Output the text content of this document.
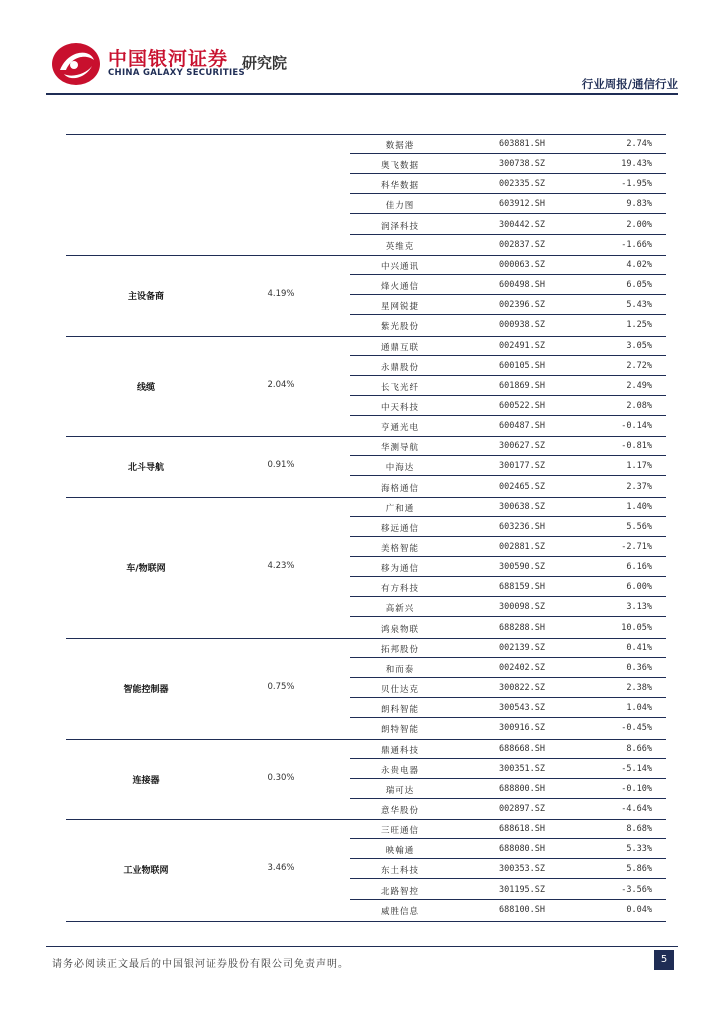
中国银河证券
CHINA GALAXY SECURITIES
研究院
行业周报/通信行业
数据港	603881.SH	2.74%
奥飞数据	300738.SZ	19.43%
科华数据	002335.SZ	-1.95%
佳力图	603912.SH	9.83%
润泽科技	300442.SZ	2.00%
英维克	002837.SZ	-1.66%
主设备商	4.19%
中兴通讯	000063.SZ	4.02%
烽火通信	600498.SH	6.05%
星网锐捷	002396.SZ	5.43%
紫光股份	000938.SZ	1.25%
线缆	2.04%
通鼎互联	002491.SZ	3.05%
永鼎股份	600105.SH	2.72%
长飞光纤	601869.SH	2.49%
中天科技	600522.SH	2.08%
亨通光电	600487.SH	-0.14%
北斗导航	0.91%
华测导航	300627.SZ	-0.81%
中海达	300177.SZ	1.17%
海格通信	002465.SZ	2.37%
车/物联网	4.23%
广和通	300638.SZ	1.40%
移远通信	603236.SH	5.56%
美格智能	002881.SZ	-2.71%
移为通信	300590.SZ	6.16%
有方科技	688159.SH	6.00%
高新兴	300098.SZ	3.13%
鸿泉物联	688288.SH	10.05%
智能控制器	0.75%
拓邦股份	002139.SZ	0.41%
和而泰	002402.SZ	0.36%
贝仕达克	300822.SZ	2.38%
朗科智能	300543.SZ	1.04%
朗特智能	300916.SZ	-0.45%
连接器	0.30%
鼎通科技	688668.SH	8.66%
永贵电器	300351.SZ	-5.14%
瑞可达	688800.SH	-0.10%
意华股份	002897.SZ	-4.64%
工业物联网	3.46%
三旺通信	688618.SH	8.68%
映翰通	688080.SH	5.33%
东土科技	300353.SZ	5.86%
北路智控	301195.SZ	-3.56%
威胜信息	688100.SH	0.04%
请务必阅读正文最后的中国银河证券股份有限公司免责声明。	5
